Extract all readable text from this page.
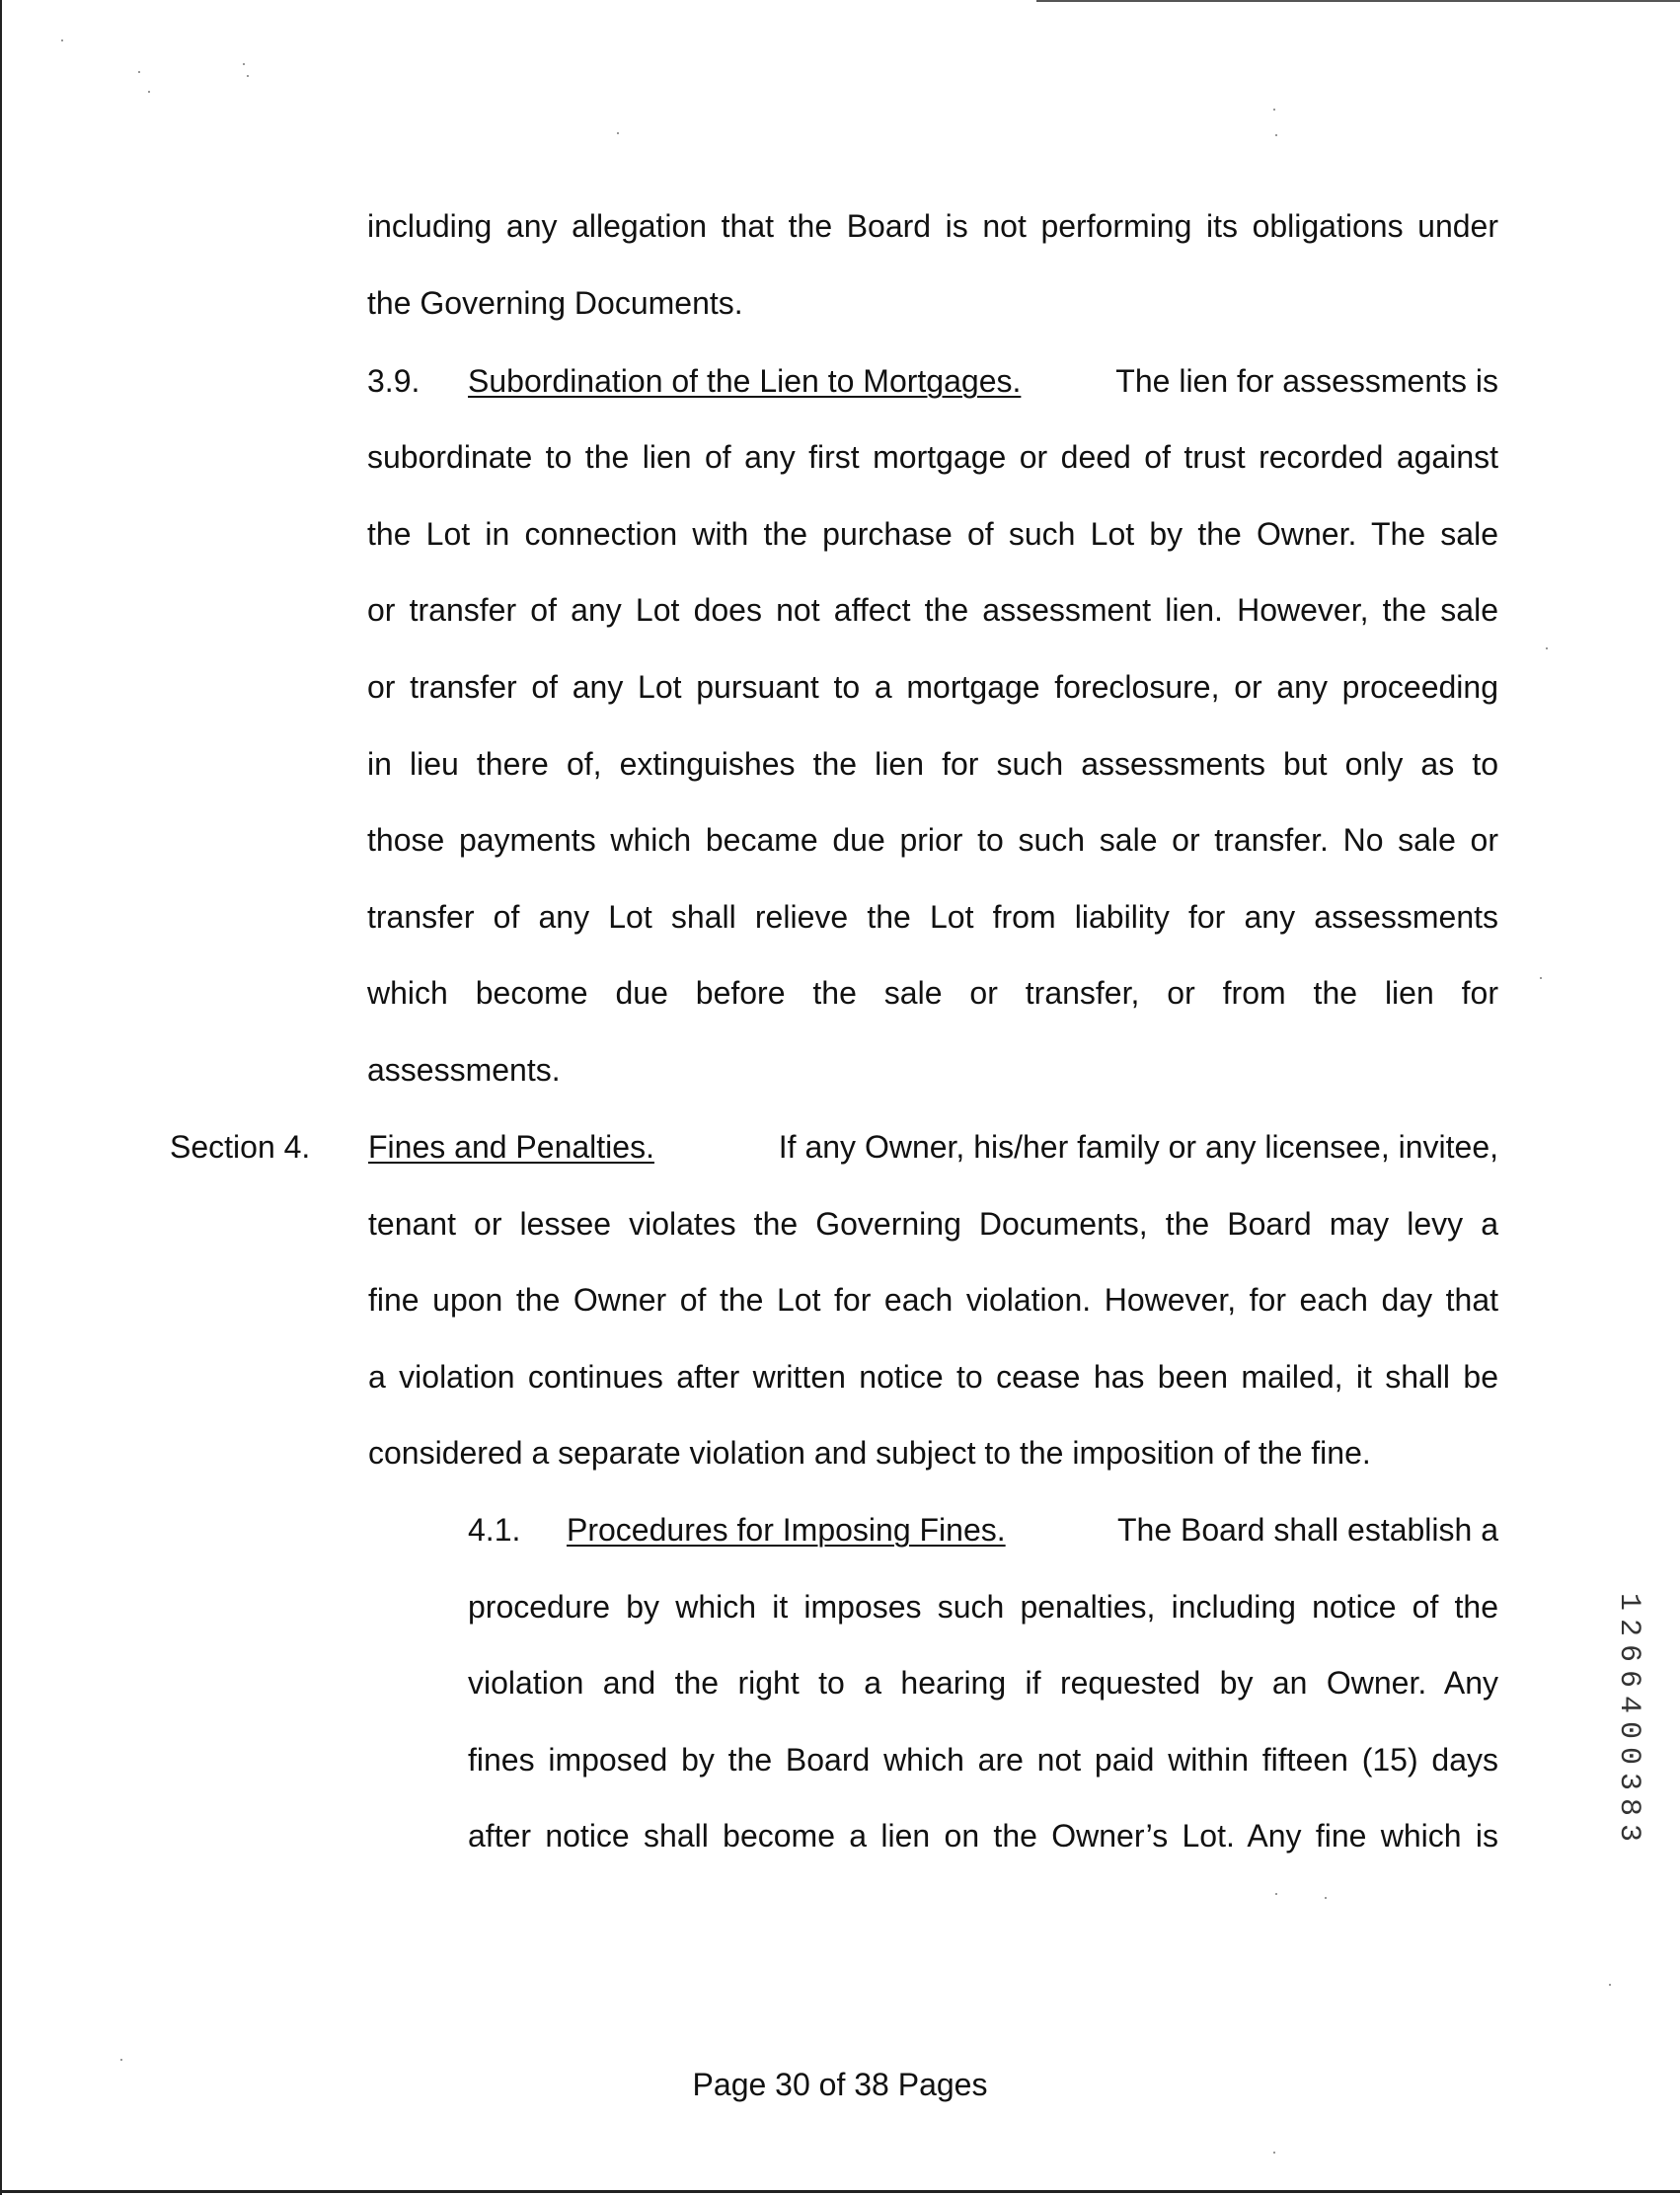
including any allegation that the Board is not performing its obligations under
the Governing Documents.
3.9. Subordination of the Lien to Mortgages.	The lien for assessments is
subordinate to the lien of any first mortgage or deed of trust recorded against
the Lot in connection with the purchase of such Lot by the Owner. The sale
or transfer of any Lot does not affect the assessment lien. However, the sale
or transfer of any Lot pursuant to a mortgage foreclosure, or any proceeding
in lieu there of, extinguishes the lien for such assessments but only as to
those payments which became due prior to such sale or transfer. No sale or
transfer of any Lot shall relieve the Lot from liability for any assessments
which become due before the sale or transfer, or from the lien for
assessments.
Section 4. Fines and Penalties.	If any Owner, his/her family or any licensee, invitee,
tenant or lessee violates the Governing Documents, the Board may levy a
fine upon the Owner of the Lot for each violation. However, for each day that
a violation continues after written notice to cease has been mailed, it shall be
considered a separate violation and subject to the imposition of the fine.
4.1. Procedures for Imposing Fines.	The Board shall establish a
procedure by which it imposes such penalties, including notice of the
violation and the right to a hearing if requested by an Owner. Any
fines imposed by the Board which are not paid within fifteen (15) days
after notice shall become a lien on the Owner’s Lot. Any fine which is
1
2
6
6
4
0
0
3
8
3
Page 30 of 38 Pages
